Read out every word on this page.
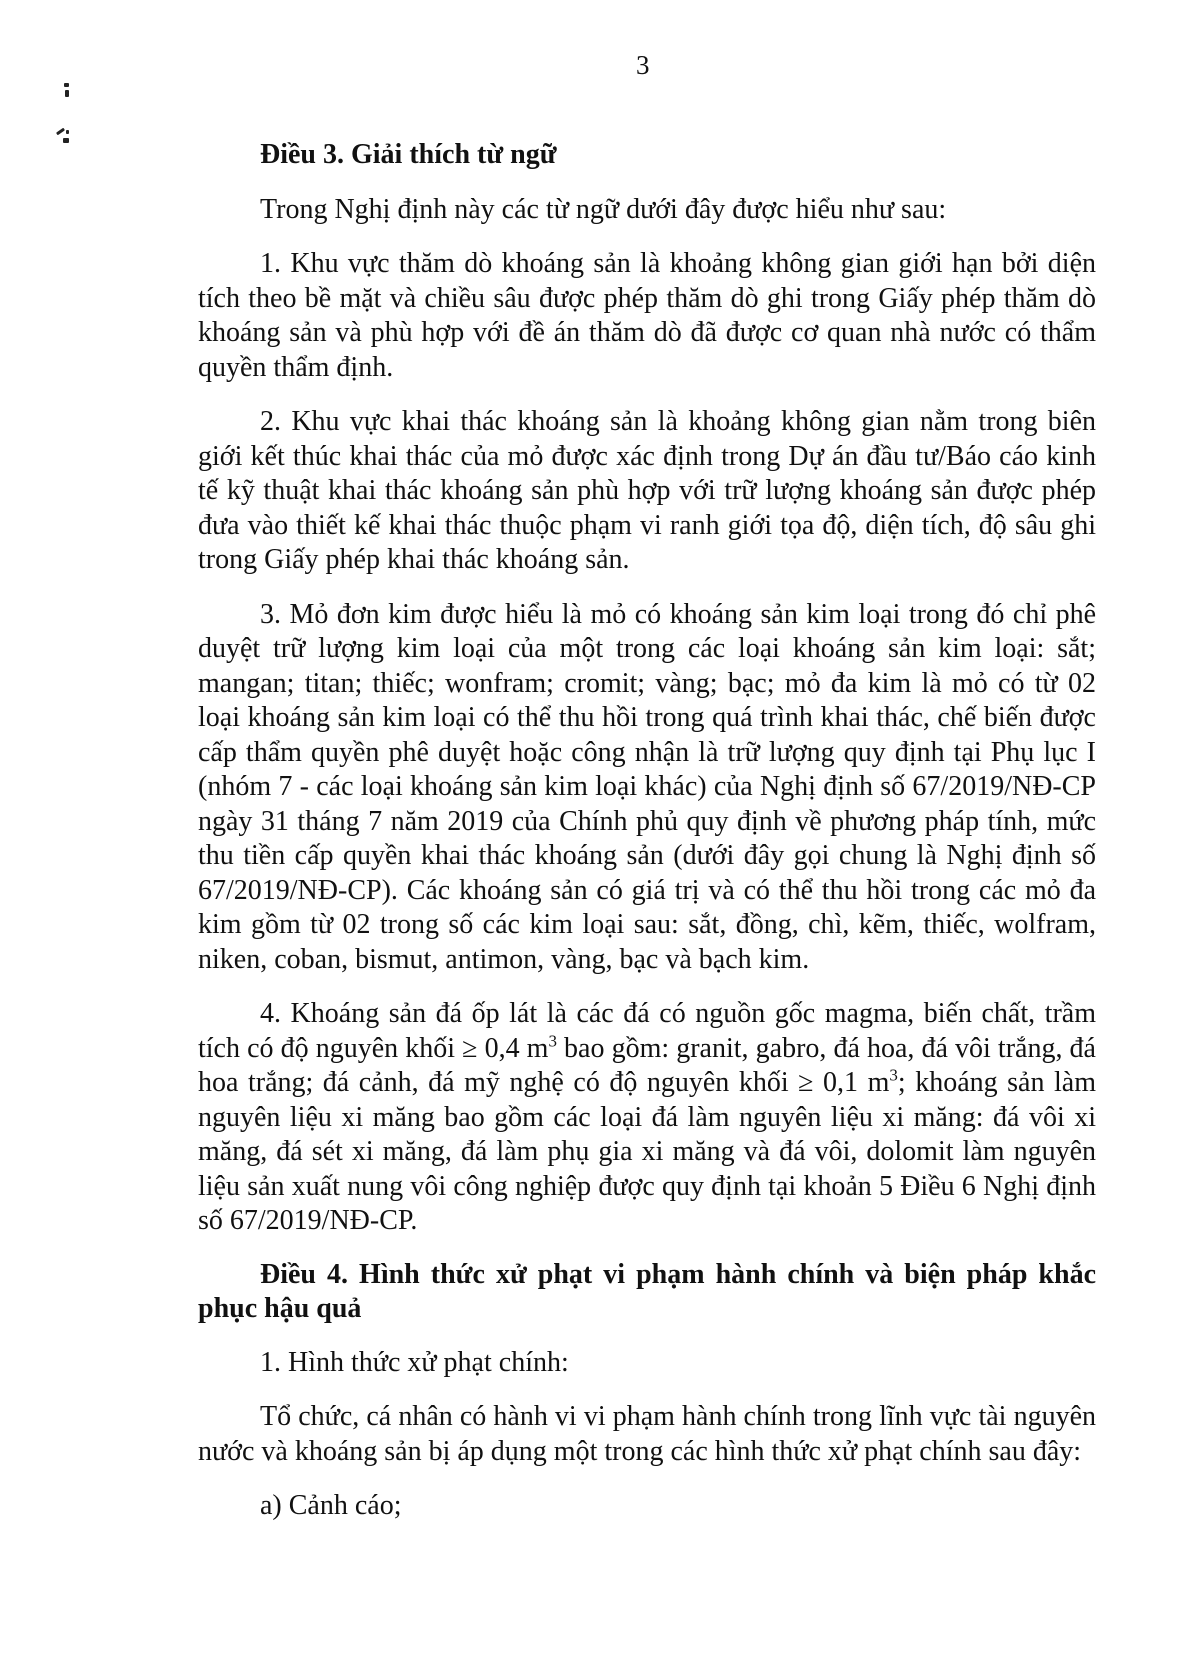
3

Điều 3. Giải thích từ ngữ

Trong Nghị định này các từ ngữ dưới đây được hiểu như sau:

1. Khu vực thăm dò khoáng sản là khoảng không gian giới hạn bởi diện tích theo bề mặt và chiều sâu được phép thăm dò ghi trong Giấy phép thăm dò khoáng sản và phù hợp với đề án thăm dò đã được cơ quan nhà nước có thẩm quyền thẩm định.

2. Khu vực khai thác khoáng sản là khoảng không gian nằm trong biên giới kết thúc khai thác của mỏ được xác định trong Dự án đầu tư/Báo cáo kinh tế kỹ thuật khai thác khoáng sản phù hợp với trữ lượng khoáng sản được phép đưa vào thiết kế khai thác thuộc phạm vi ranh giới tọa độ, diện tích, độ sâu ghi trong Giấy phép khai thác khoáng sản.

3. Mỏ đơn kim được hiểu là mỏ có khoáng sản kim loại trong đó chỉ phê duyệt trữ lượng kim loại của một trong các loại khoáng sản kim loại: sắt; mangan; titan; thiếc; wonfram; cromit; vàng; bạc; mỏ đa kim là mỏ có từ 02 loại khoáng sản kim loại có thể thu hồi trong quá trình khai thác, chế biến được cấp thẩm quyền phê duyệt hoặc công nhận là trữ lượng quy định tại Phụ lục I (nhóm 7 - các loại khoáng sản kim loại khác) của Nghị định số 67/2019/NĐ-CP ngày 31 tháng 7 năm 2019 của Chính phủ quy định về phương pháp tính, mức thu tiền cấp quyền khai thác khoáng sản (dưới đây gọi chung là Nghị định số 67/2019/NĐ-CP). Các khoáng sản có giá trị và có thể thu hồi trong các mỏ đa kim gồm từ 02 trong số các kim loại sau: sắt, đồng, chì, kẽm, thiếc, wolfram, niken, coban, bismut, antimon, vàng, bạc và bạch kim.

4. Khoáng sản đá ốp lát là các đá có nguồn gốc magma, biến chất, trầm tích có độ nguyên khối ≥ 0,4 $m^3$ bao gồm: granit, gabro, đá hoa, đá vôi trắng, đá hoa trắng; đá cảnh, đá mỹ nghệ có độ nguyên khối ≥ 0,1 $m^3$; khoáng sản làm nguyên liệu xi măng bao gồm các loại đá làm nguyên liệu xi măng: đá vôi xi măng, đá sét xi măng, đá làm phụ gia xi măng và đá vôi, dolomit làm nguyên liệu sản xuất nung vôi công nghiệp được quy định tại khoản 5 Điều 6 Nghị định số 67/2019/NĐ-CP.

Điều 4. Hình thức xử phạt vi phạm hành chính và biện pháp khắc phục hậu quả

1. Hình thức xử phạt chính:

Tổ chức, cá nhân có hành vi vi phạm hành chính trong lĩnh vực tài nguyên nước và khoáng sản bị áp dụng một trong các hình thức xử phạt chính sau đây:

a) Cảnh cáo;
